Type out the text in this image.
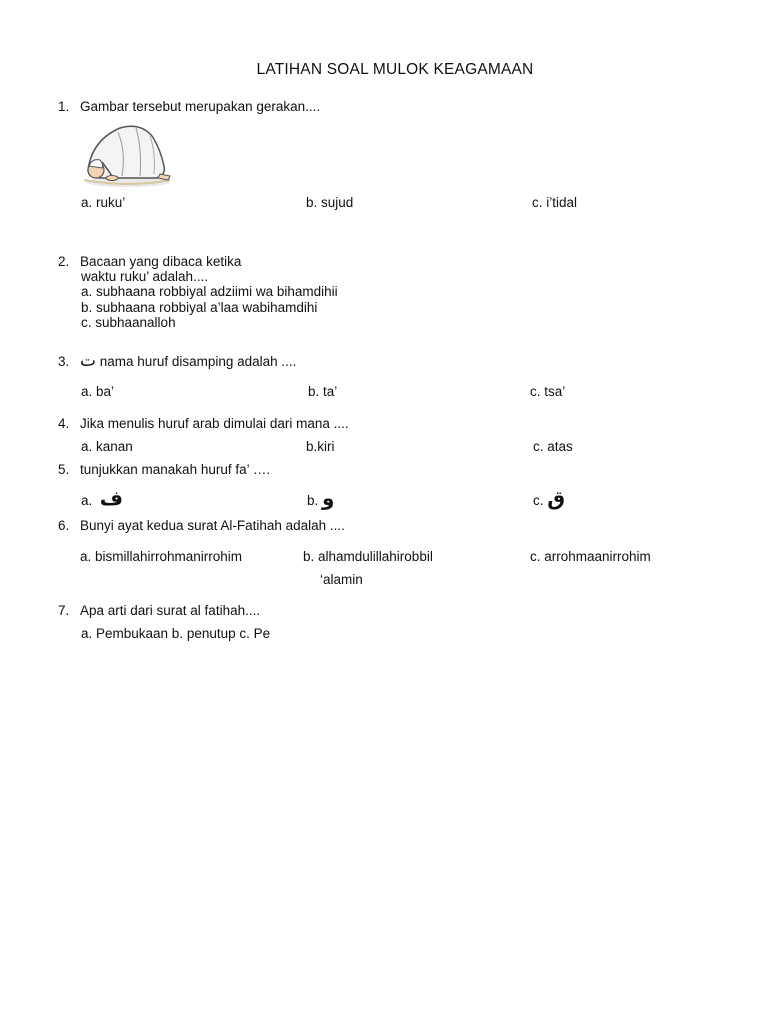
LATIHAN SOAL MULOK KEAGAMAAN
1. Gambar tersebut merupakan gerakan....
a. ruku’	b. sujud	c. i’tidal
2. Bacaan yang dibaca ketika
waktu ruku’ adalah....
a. subhaana robbiyal adziimi wa bihamdihii
b. subhaana robbiyal a’laa wabihamdihi
c. subhaanalloh
3. ت nama huruf disamping adalah ....
a. ba’	b. ta’	c. tsa’
4. Jika menulis huruf arab dimulai dari mana ....
a. kanan	b.kiri	c. atas
5. tunjukkan manakah huruf fa’ ….
a. ف	b. و	c. ق
6. Bunyi ayat kedua surat Al-Fatihah adalah ....
a. bismillahirrohmanirrohim	b. alhamdulillahirobbil
‘alamin
c. arrohmaanirrohim
7. Apa arti dari surat al fatihah....
a. Pembukaan b. penutup c. Pe
